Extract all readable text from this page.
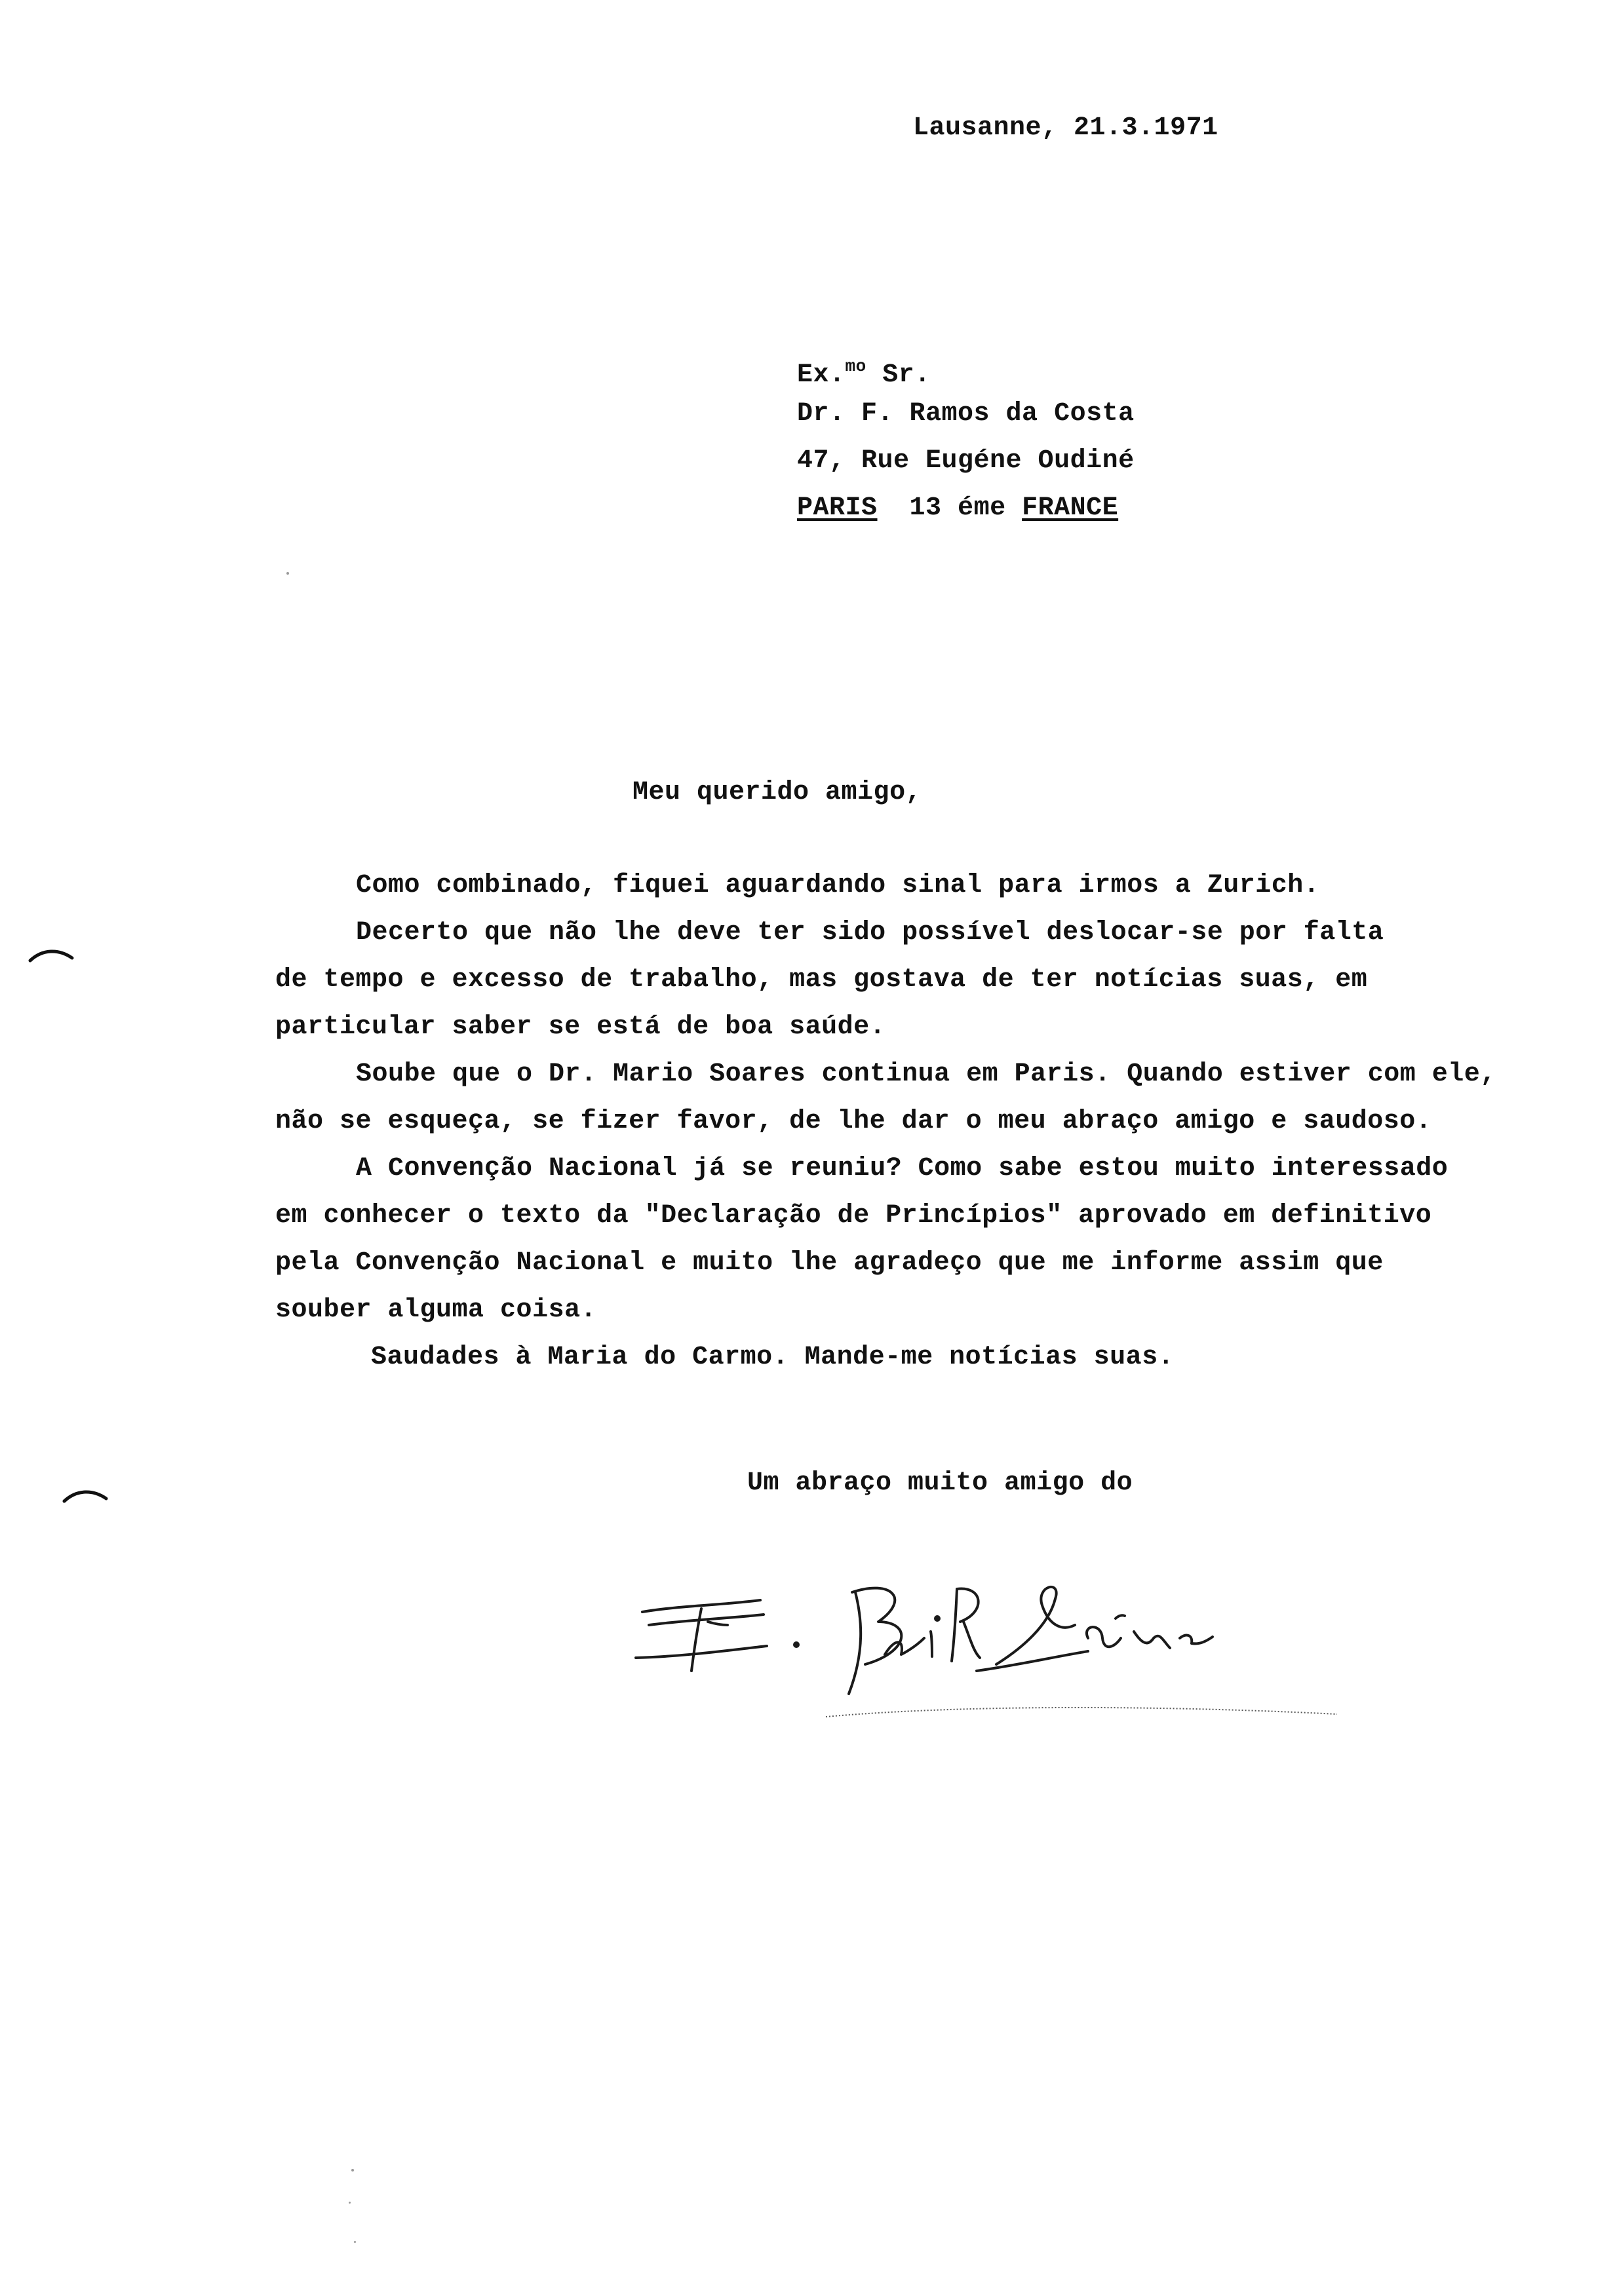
Lausanne, 21.3.1971
Ex.$^{mo}$ Sr.
Dr. F. Ramos da Costa
47, Rue Eugéne Oudiné
PARIS 13 éme FRANCE
Meu querido amigo,
Como combinado, fiquei aguardando sinal para irmos a Zurich.
Decerto que não lhe deve ter sido possível deslocar-se por falta
de tempo e excesso de trabalho, mas gostava de ter notícias suas, em
particular saber se está de boa saúde.
Soube que o Dr. Mario Soares continua em Paris. Quando estiver com ele,
não se esqueça, se fizer favor, de lhe dar o meu abraço amigo e saudoso.
A Convenção Nacional já se reuniu? Como sabe estou muito interessado
em conhecer o texto da "Declaração de Princípios" aprovado em definitivo
pela Convenção Nacional e muito lhe agradeço que me informe assim que
souber alguma coisa.
Saudades à Maria do Carmo. Mande-me notícias suas.
Um abraço muito amigo do
